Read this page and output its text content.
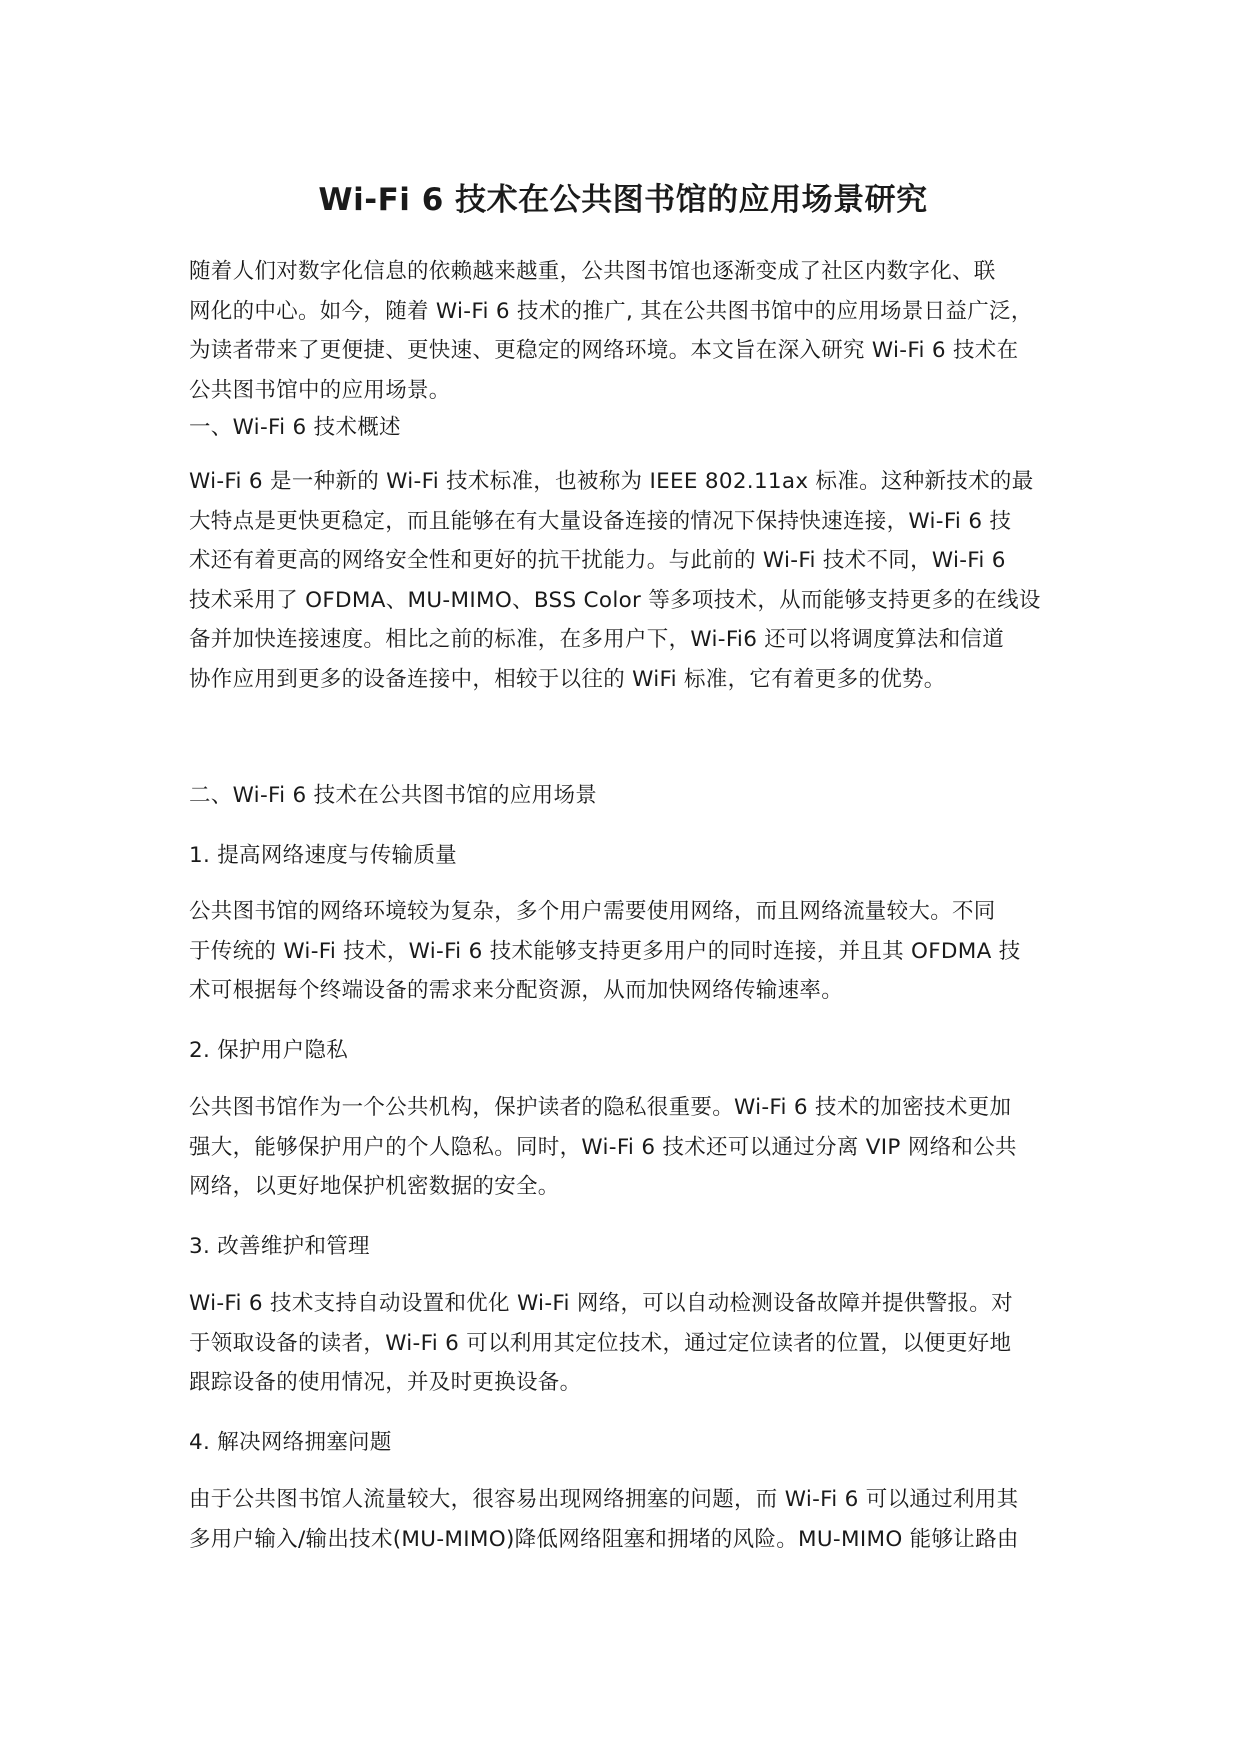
Wi-Fi 6 技术在公共图书馆的应用场景研究

随着人们对数字化信息的依赖越来越重，公共图书馆也逐渐变成了社区内数字化、联
网化的中心。如今，随着 Wi-Fi 6 技术的推广, 其在公共图书馆中的应用场景日益广泛，
为读者带来了更便捷、更快速、更稳定的网络环境。本文旨在深入研究 Wi-Fi 6 技术在
公共图书馆中的应用场景。

一、Wi-Fi 6 技术概述

Wi-Fi 6 是一种新的 Wi-Fi 技术标准，也被称为 IEEE 802.11ax 标准。这种新技术的最
大特点是更快更稳定，而且能够在有大量设备连接的情况下保持快速连接，Wi-Fi 6 技
术还有着更高的网络安全性和更好的抗干扰能力。与此前的 Wi-Fi 技术不同，Wi-Fi 6
技术采用了 OFDMA、MU-MIMO、BSS Color 等多项技术，从而能够支持更多的在线设
备并加快连接速度。相比之前的标准，在多用户下，Wi-Fi6 还可以将调度算法和信道
协作应用到更多的设备连接中，相较于以往的 WiFi 标准，它有着更多的优势。

二、Wi-Fi 6 技术在公共图书馆的应用场景

1. 提高网络速度与传输质量

公共图书馆的网络环境较为复杂，多个用户需要使用网络，而且网络流量较大。不同
于传统的 Wi-Fi 技术，Wi-Fi 6 技术能够支持更多用户的同时连接，并且其 OFDMA 技
术可根据每个终端设备的需求来分配资源，从而加快网络传输速率。

2. 保护用户隐私

公共图书馆作为一个公共机构，保护读者的隐私很重要。Wi-Fi 6 技术的加密技术更加
强大，能够保护用户的个人隐私。同时，Wi-Fi 6 技术还可以通过分离 VIP 网络和公共
网络，以更好地保护机密数据的安全。

3. 改善维护和管理

Wi-Fi 6 技术支持自动设置和优化 Wi-Fi 网络，可以自动检测设备故障并提供警报。对
于领取设备的读者，Wi-Fi 6 可以利用其定位技术，通过定位读者的位置，以便更好地
跟踪设备的使用情况，并及时更换设备。

4. 解决网络拥塞问题

由于公共图书馆人流量较大，很容易出现网络拥塞的问题，而 Wi-Fi 6 可以通过利用其
多用户输入/输出技术(MU-MIMO)降低网络阻塞和拥堵的风险。MU-MIMO 能够让路由
